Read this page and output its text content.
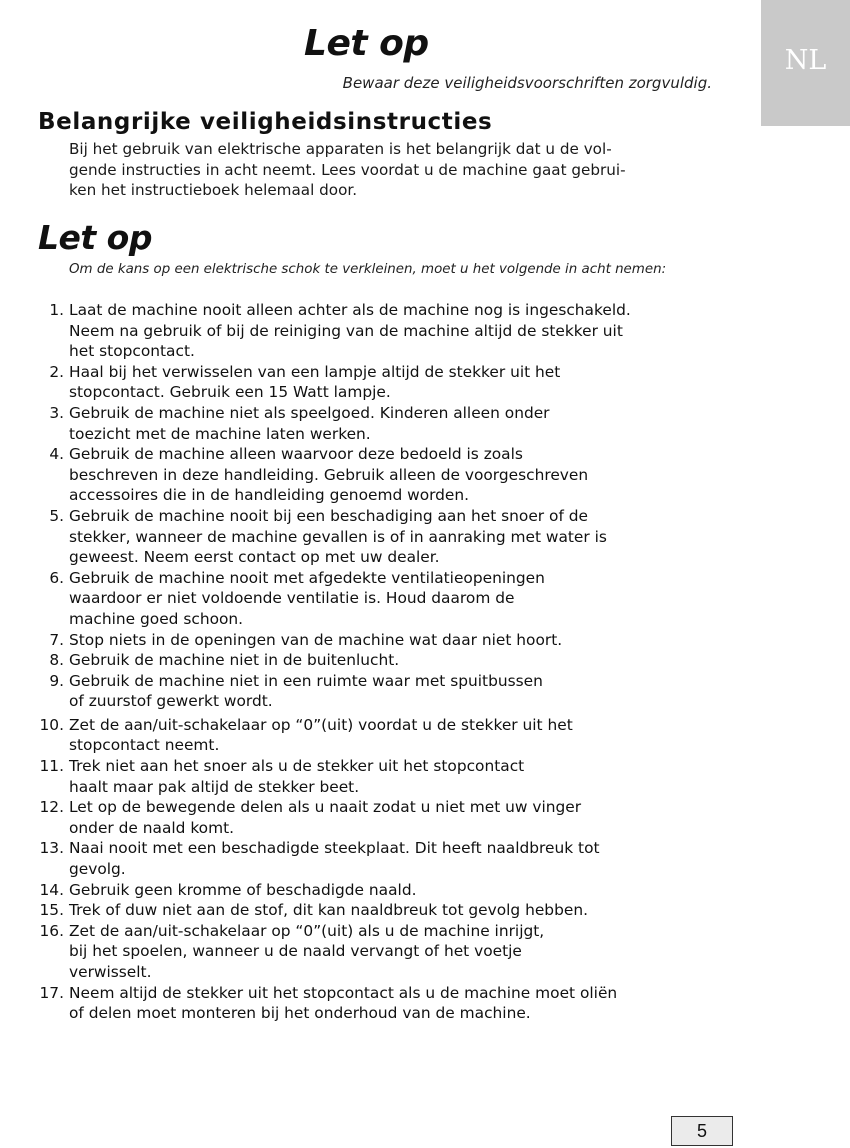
NL
Let op
Bewaar deze veiligheidsvoorschriften zorgvuldig.
Belangrijke veiligheidsinstructies
Bij het gebruik van elektrische apparaten is het belangrijk dat u de vol-
gende instructies in acht neemt. Lees voordat u de machine gaat gebrui-
ken het instructieboek helemaal door.
Let op
Om de kans op een elektrische schok te verkleinen, moet u het volgende in acht nemen:
1. Laat de machine nooit alleen achter als de machine nog is ingeschakeld.
Neem na gebruik of bij de reiniging van de machine altijd de stekker uit
het stopcontact.
2. Haal bij het verwisselen van een lampje altijd de stekker uit het
stopcontact. Gebruik een 15 Watt lampje.
3. Gebruik de machine niet als speelgoed. Kinderen alleen onder
toezicht met de machine laten werken.
4. Gebruik de machine alleen waarvoor deze bedoeld is zoals
beschreven in deze handleiding. Gebruik alleen de voorgeschreven
accessoires die in de handleiding genoemd worden.
5. Gebruik de machine nooit bij een beschadiging aan het snoer of de
stekker, wanneer de machine gevallen is of in aanraking met water is
geweest. Neem eerst contact op met uw dealer.
6. Gebruik de machine nooit met afgedekte ventilatieopeningen
waardoor er niet voldoende ventilatie is. Houd daarom de
machine goed schoon.
7. Stop niets in de openingen van de machine wat daar niet hoort.
8. Gebruik de machine niet in de buitenlucht.
9. Gebruik de machine niet in een ruimte waar met spuitbussen
of zuurstof gewerkt wordt.
10. Zet de aan/uit-schakelaar op “0”(uit) voordat u de stekker uit het
stopcontact neemt.
11. Trek niet aan het snoer als u de stekker uit het stopcontact
haalt maar pak altijd de stekker beet.
12. Let op de bewegende delen als u naait zodat u niet met uw vinger
onder de naald komt.
13. Naai nooit met een beschadigde steekplaat. Dit heeft naaldbreuk tot
gevolg.
14. Gebruik geen kromme of beschadigde naald.
15. Trek of duw niet aan de stof, dit kan naaldbreuk tot gevolg hebben.
16. Zet de aan/uit-schakelaar op “0”(uit) als u de machine inrijgt,
bij het spoelen, wanneer u de naald vervangt of het voetje
verwisselt.
17. Neem altijd de stekker uit het stopcontact als u de machine moet oliën
of delen moet monteren bij het onderhoud van de machine.
5
